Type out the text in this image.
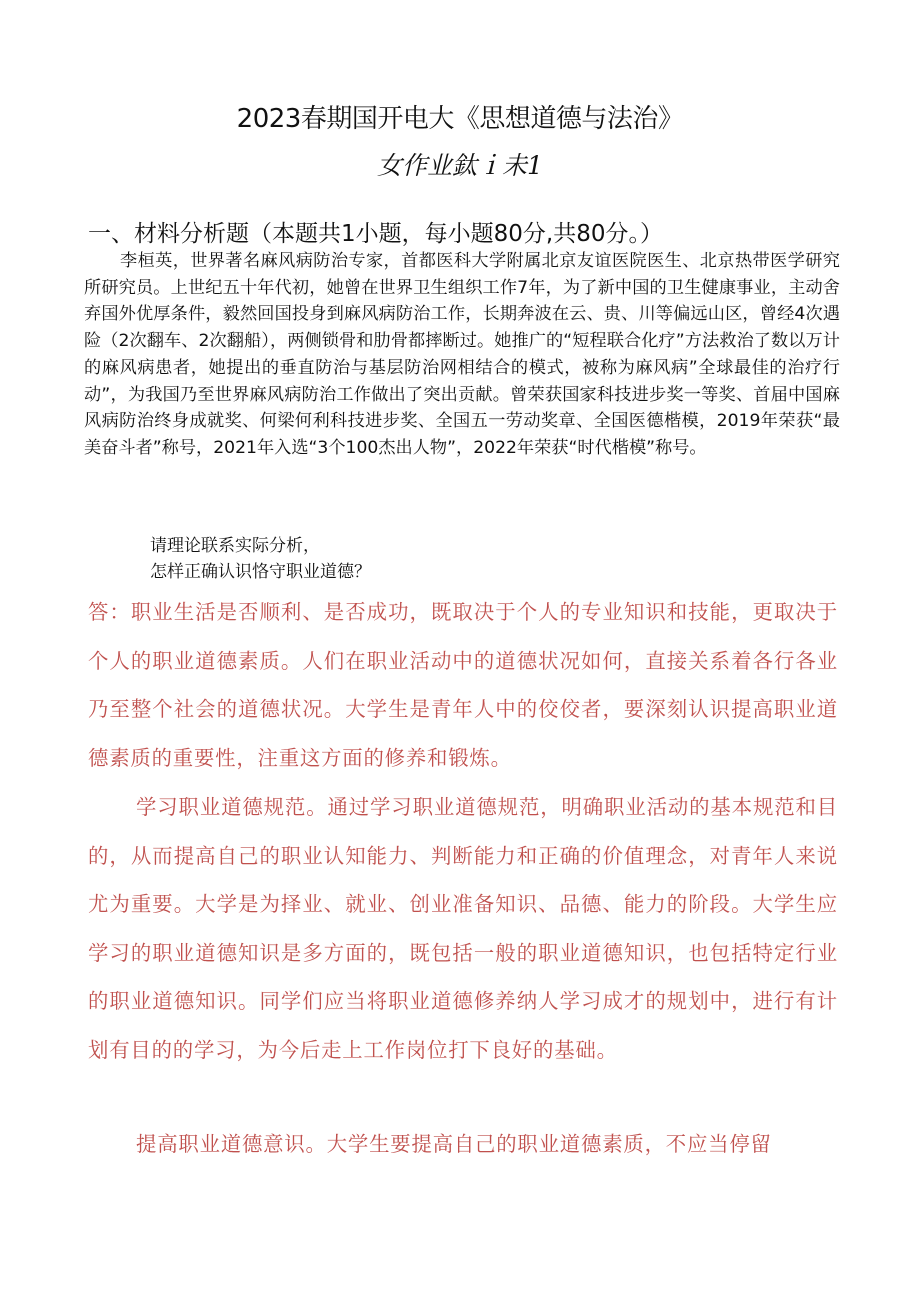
2023春期国开电大《思想道德与法治》
女作业鈦ｉ未1
一、材料分析题（本题共1小题，每小题80分,共80分。）
李桓英，世界著名麻风病防治专家，首都医科大学附属北京友谊医院医生、北京热带医学研究所研究员。上世纪五十年代初，她曾在世界卫生组织工作7年，为了新中国的卫生健康事业，主动舍弃国外优厚条件，毅然回国投身到麻风病防治工作，长期奔波在云、贵、川等偏远山区，曾经4次遇险（2次翻车、2次翻船），两侧锁骨和肋骨都摔断过。她推广的“短程联合化疗”方法救治了数以万计的麻风病患者，她提出的垂直防治与基层防治网相结合的模式，被称为麻风病”全球最佳的治疗行动”，为我国乃至世界麻风病防治工作做出了突出贡献。曾荣获国家科技进步奖一等奖、首届中国麻风病防治终身成就奖、何梁何利科技进步奖、全国五一劳动奖章、全国医德楷模，2019年荣获“最美奋斗者”称号，2021年入选“3个100杰出人物”，2022年荣获“时代楷模”称号。
请理论联系实际分析，
怎样正确认识恪守职业道德？
答：职业生活是否顺利、是否成功，既取决于个人的专业知识和技能，更取决于个人的职业道德素质。人们在职业活动中的道德状况如何，直接关系着各行各业乃至整个社会的道德状况。大学生是青年人中的佼佼者，要深刻认识提高职业道德素质的重要性，注重这方面的修养和锻炼。
学习职业道德规范。通过学习职业道德规范，明确职业活动的基本规范和目的，从而提高自己的职业认知能力、判断能力和正确的价值理念，对青年人来说尤为重要。大学是为择业、就业、创业准备知识、品德、能力的阶段。大学生应学习的职业道德知识是多方面的，既包括一般的职业道德知识，也包括特定行业的职业道德知识。同学们应当将职业道德修养纳人学习成才的规划中，进行有计划有目的的学习，为今后走上工作岗位打下良好的基础。
提高职业道德意识。大学生要提高自己的职业道德素质，不应当停留
